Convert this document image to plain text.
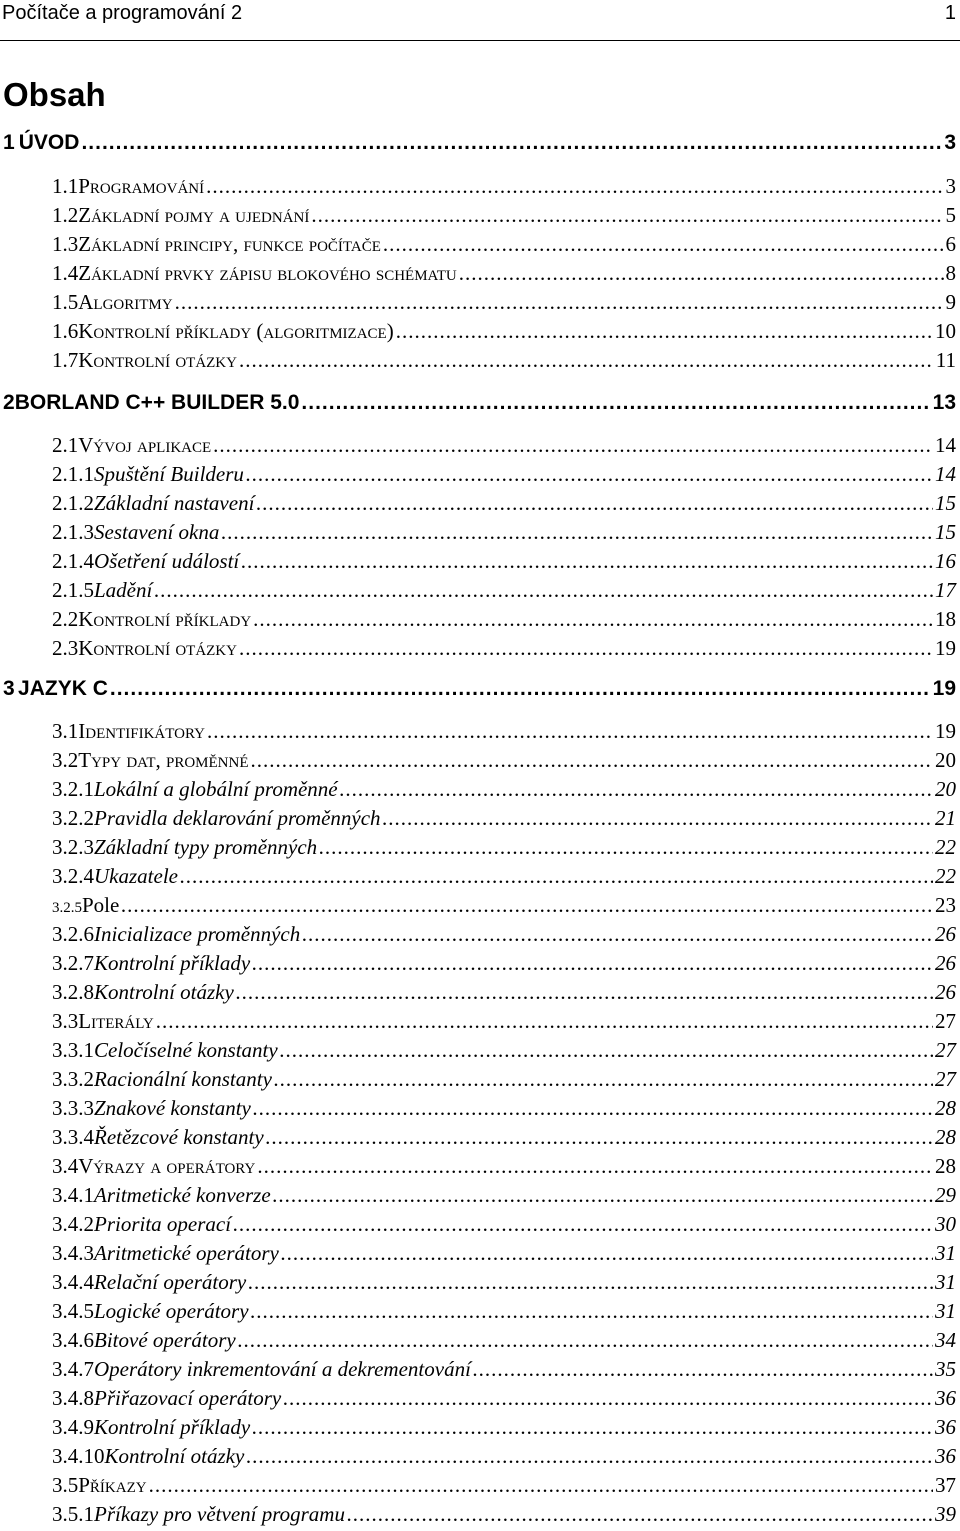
Počítače a programování 2	1
Obsah
1 ÚVOD .....	3
1.1 Programování .....	3
1.2 Základní pojmy a ujednání .....	5
1.3 Základní principy, funkce počítače .....	6
1.4 Základní prvky zápisu blokového schématu .....	8
1.5 Algoritmy .....	9
1.6 Kontrolní příklady (algoritmizace) .....	10
1.7 Kontrolní otázky .....	11
2 BORLAND C++ BUILDER 5.0 .....	13
2.1 Vývoj aplikace .....	14
2.1.1 Spuštění Builderu .....	14
2.1.2 Základní nastavení .....	15
2.1.3 Sestavení okna .....	15
2.1.4 Ošetření událostí .....	16
2.1.5 Ladění .....	17
2.2 Kontrolní příklady .....	18
2.3 Kontrolní otázky .....	19
3 JAZYK C .....	19
3.1 Identifikátory .....	19
3.2 Typy dat, proměnné .....	20
3.2.1 Lokální a globální proměnné .....	20
3.2.2 Pravidla deklarování proměnných .....	21
3.2.3 Základní typy proměnných .....	22
3.2.4 Ukazatele .....	22
3.2.5 Pole .....	23
3.2.6 Inicializace proměnných .....	26
3.2.7 Kontrolní příklady .....	26
3.2.8 Kontrolní otázky .....	26
3.3 Literály .....	27
3.3.1 Celočíselné konstanty .....	27
3.3.2 Racionální konstanty .....	27
3.3.3 Znakové konstanty .....	28
3.3.4 Řetězcové konstanty .....	28
3.4 Výrazy a operátory .....	28
3.4.1 Aritmetické konverze .....	29
3.4.2 Priorita operací .....	30
3.4.3 Aritmetické operátory .....	31
3.4.4 Relační operátory .....	31
3.4.5 Logické operátory .....	31
3.4.6 Bitové operátory .....	34
3.4.7 Operátory inkrementování a dekrementování .....	35
3.4.8 Přiřazovací operátory .....	36
3.4.9 Kontrolní příklady .....	36
3.4.10 Kontrolní otázky .....	36
3.5 Příkazy .....	37
3.5.1 Příkazy pro větvení programu .....	39
